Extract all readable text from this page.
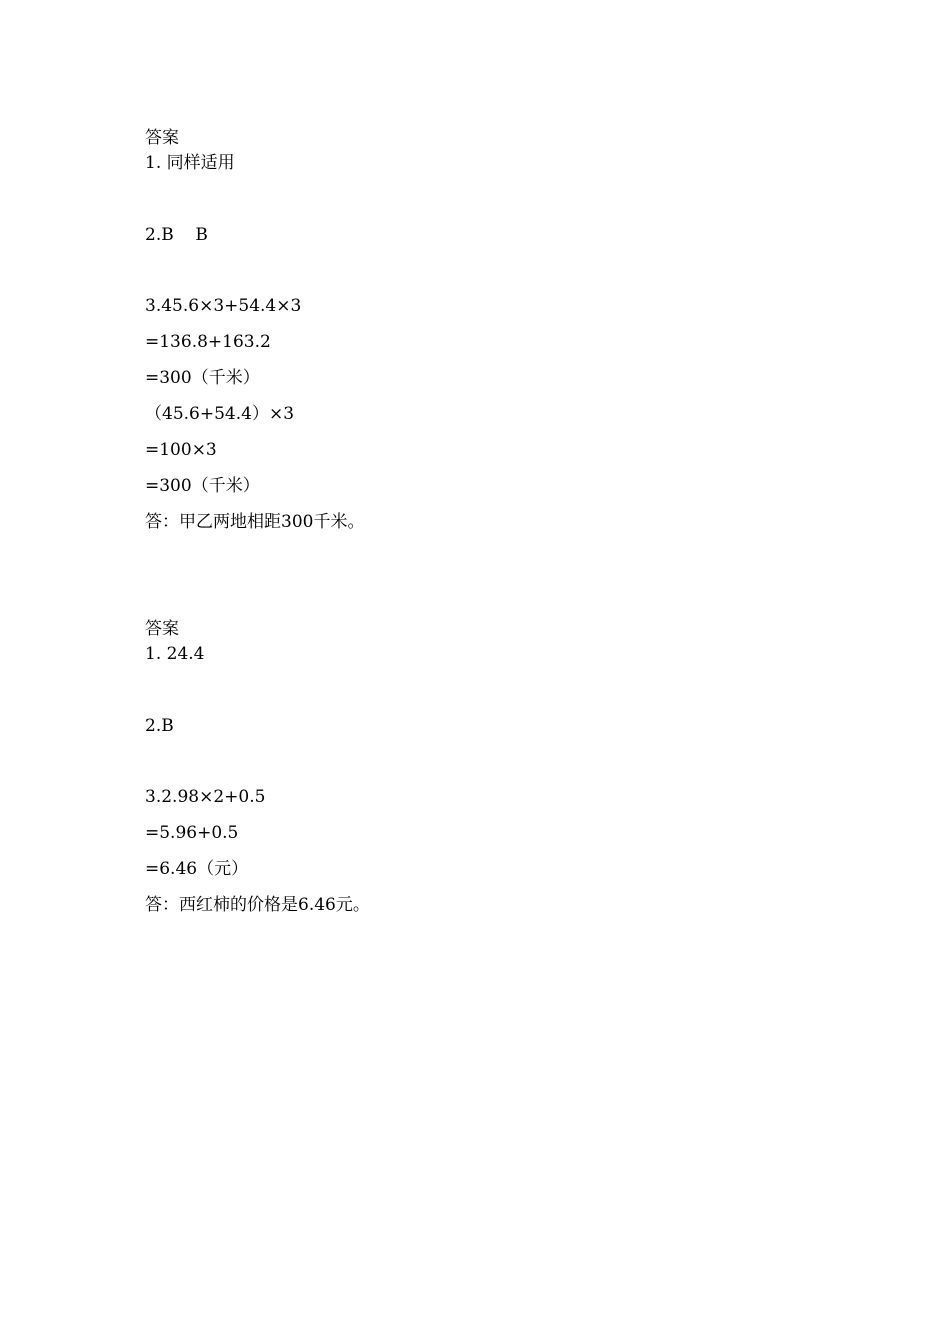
答案
1. 同样适用
2.B    B
3.45.6×3+54.4×3
=136.8+163.2
=300（千米）
（45.6+54.4）×3
=100×3
=300（千米）
答：甲乙两地相距300千米。
答案
1. 24.4
2.B
3.2.98×2+0.5
=5.96+0.5
=6.46（元）
答：西红柿的价格是6.46元。
